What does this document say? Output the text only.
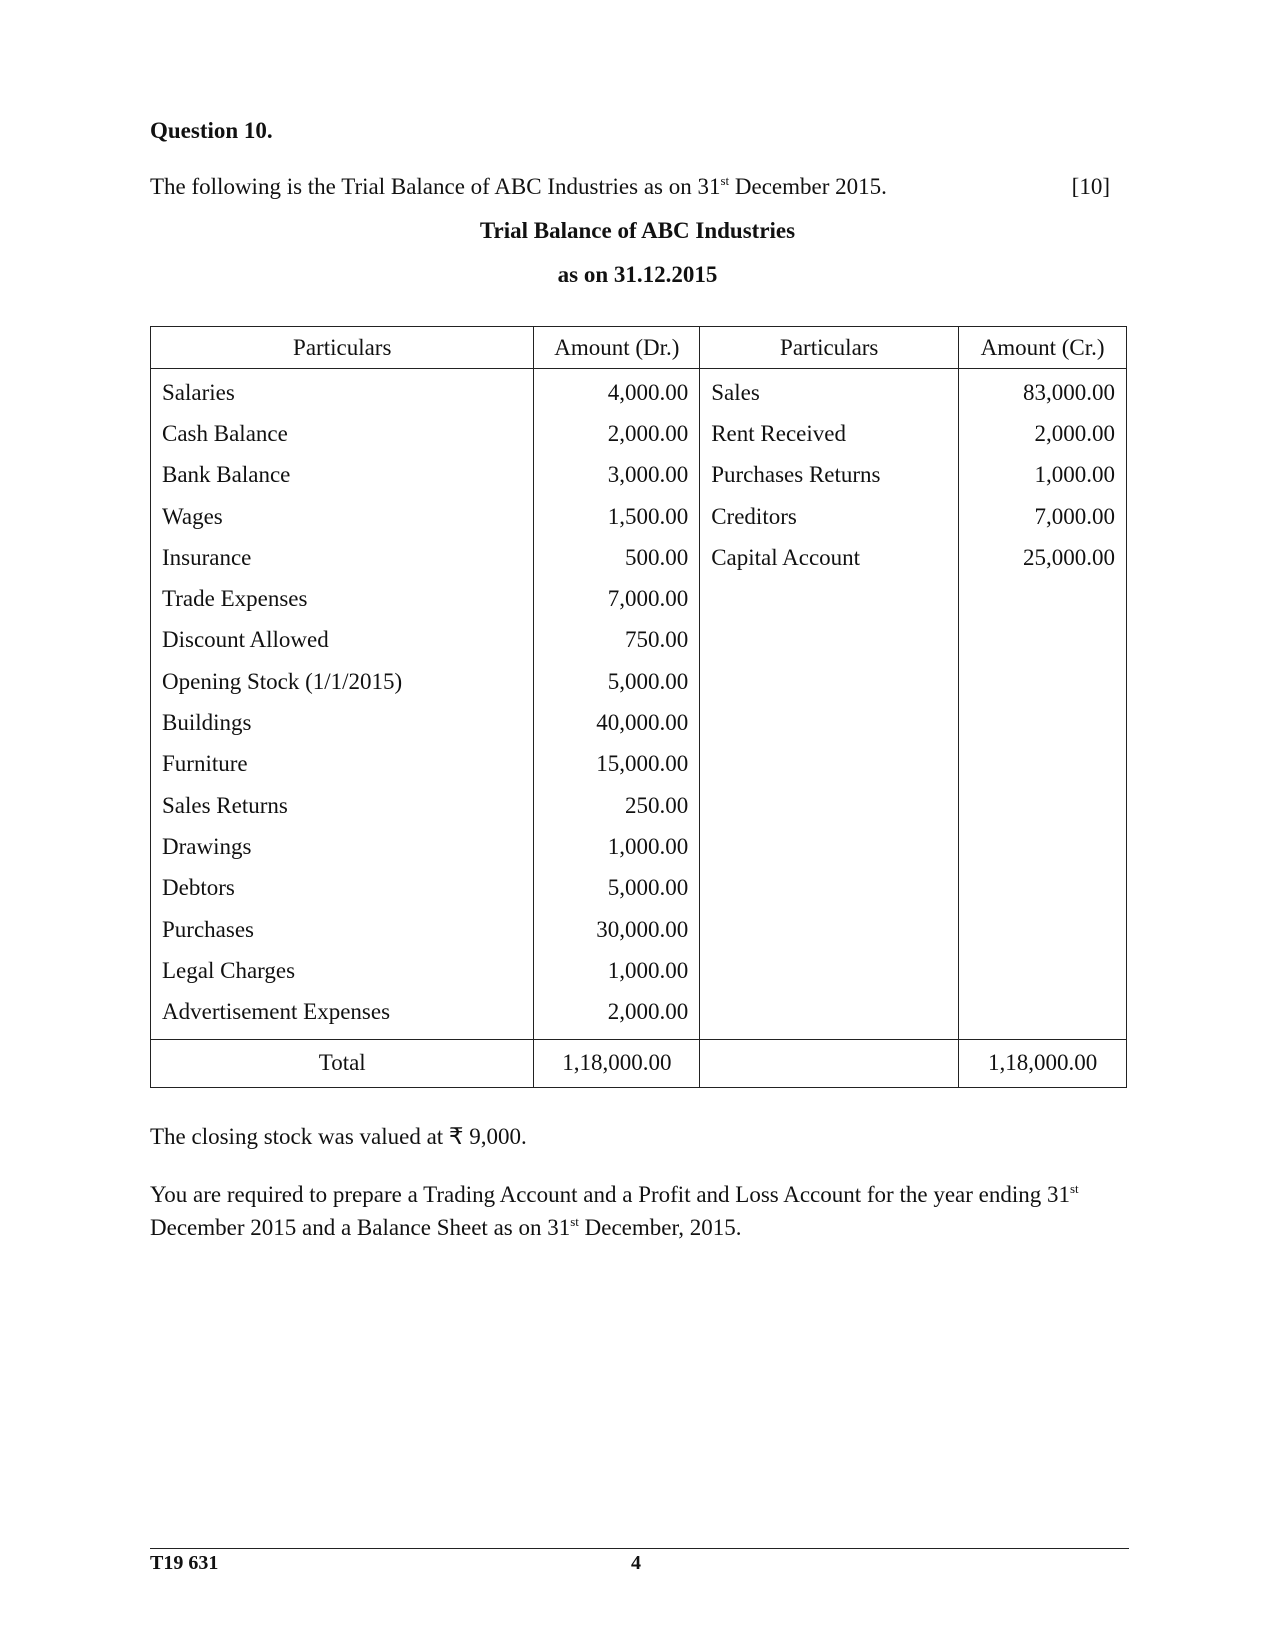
Question 10.
The following is the Trial Balance of ABC Industries as on 31st December 2015.	[10]
Trial Balance of ABC Industries
as on 31.12.2015
Particulars	Amount (Dr.)	Particulars	Amount (Cr.)
Salaries	4,000.00	Sales	83,000.00
Cash Balance	2,000.00	Rent Received	2,000.00
Bank Balance	3,000.00	Purchases Returns	1,000.00
Wages	1,500.00	Creditors	7,000.00
Insurance	500.00	Capital Account	25,000.00
Trade Expenses	7,000.00		
Discount Allowed	750.00		
Opening Stock (1/1/2015)	5,000.00		
Buildings	40,000.00		
Furniture	15,000.00		
Sales Returns	250.00		
Drawings	1,000.00		
Debtors	5,000.00		
Purchases	30,000.00		
Legal Charges	1,000.00		
Advertisement Expenses	2,000.00		
Total	1,18,000.00		1,18,000.00
The closing stock was valued at ₹ 9,000.
You are required to prepare a Trading Account and a Profit and Loss Account for the year ending 31st December 2015 and a Balance Sheet as on 31st December, 2015.
T19 631	4
